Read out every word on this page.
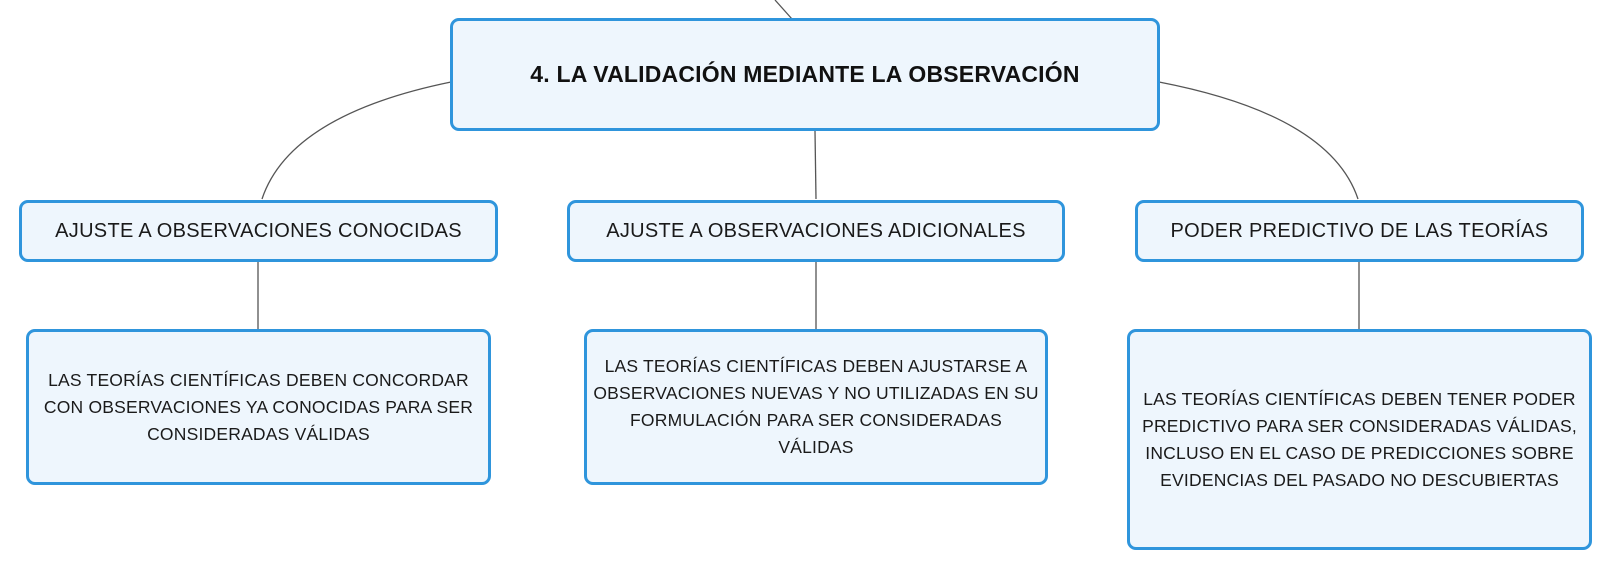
4. LA VALIDACIÓN MEDIANTE LA OBSERVACIÓN
AJUSTE A OBSERVACIONES CONOCIDAS	AJUSTE A OBSERVACIONES ADICIONALES	PODER PREDICTIVO DE LAS TEORÍAS
LAS TEORÍAS CIENTÍFICAS DEBEN CONCORDAR CON OBSERVACIONES YA CONOCIDAS PARA SER CONSIDERADAS VÁLIDAS
LAS TEORÍAS CIENTÍFICAS DEBEN AJUSTARSE A OBSERVACIONES NUEVAS Y NO UTILIZADAS EN SU FORMULACIÓN PARA SER CONSIDERADAS VÁLIDAS
LAS TEORÍAS CIENTÍFICAS DEBEN TENER PODER PREDICTIVO PARA SER CONSIDERADAS VÁLIDAS, INCLUSO EN EL CASO DE PREDICCIONES SOBRE EVIDENCIAS DEL PASADO NO DESCUBIERTAS
